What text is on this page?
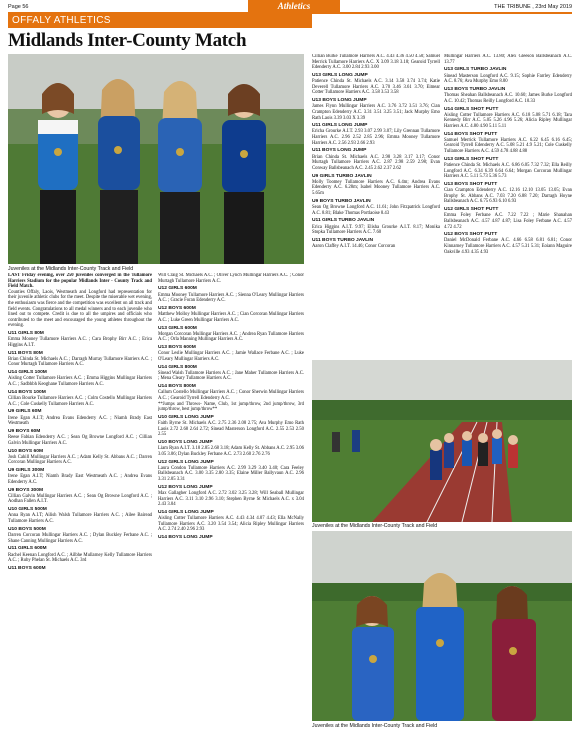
Page 56	THE TRIBUNE , 23rd May 2019
Athletics
OFFALY ATHLETICS
Midlands Inter-County Match
Juveniles at the Midlands Inter-County Track and Field

LAST Friday evening, over 250 juveniles converged in the Tullamore Harriers Stadium for the popular Midlands Inter - County Track and Field Match.

Counties Offaly, Laois, Westmeath and Longford had representation for their juvenile athletic clubs for the meet. Despite the miserable wet evening, the enthusiasm was fierce and the competition was excellent on all track and field events. Congratulations to all medal winners and to each juvenile who lined out to compete. Credit is due to all the umpires and officials who contributed to the meet and encouraged the young athletes throughout the evening.

U11 GIRLS 80M

Emma Mooney Tullamore Harriers A.C. ; Cara Brophy Birr A.C. ; Erica Higgins A.I.T.

U11 BOYS 80M

Brian Chinda St. Michaels A.C. ; Darragh Murray Tullamore Harriers A.C. ; Conor Murtagh Tullamore Harriers A.C.

U14 GIRLS 100M

Aisling Cotter Tullamore Harriers A.C. ; Emma Higgins Mullingar Harriers A.C. ; Sadbhbh Keoghane Tullamore Harriers A.C.

U14 BOYS 100M

Cillian Bourke Tullamore Harriers A.C. ; Colm Costello Mullingar Harriers A.C. ; Cole Cuskelly Tullamore Harriers A.C.

U9 GIRLS 60M

Irene Egan A.I.T; Andrea Evans Edenderry A.C. ; Niamh Brady East Westmeath

U9 BOYS 60M

Reese Fabian Edenderry A.C. ; Sean Og Browne Longford A.C. ; Cillian Galvin Mullingar Harriers A.C.

U10 BOYS 60M

Josh Cahill Mullingar Harriers A.C. ; Adam Kelly St. Abbans A.C. ; Darren Corcoran Mullingar Harriers A.C.

U9 GIRLS 300M

Irene Egan A.I.T; Niamh Brady East Westmeath A.C. ; Andrea Evans Edenderry A.C.

U9 BOYS 300M

Cillian Galvin Mullingar Harriers A.C. ; Sean Og Browne Longford A.C. ; Aodhan Fallen A.I.T.

U10 GIRLS 500M

Anna Ryan A.I.T; Ailish Walsh Tullamore Harriers A.C. ; Ailee Bairead Tullamore Harriers A.C.

U10 BOYS 500M

Darren Corcoran Mullingar Harriers A.C. ; Dylan Buckley Ferbane A.C. ; Shane Canning Mullingar Harriers A.C.

U11 GIRLS 600M

Rachel Keenan Longford A.C. ; Ailbhe Mullarney Kelly Tullamore Harriers A.C. ; Ruby Phelan St. Michaels A.C. 3rd

U11 BOYS 600M

Will Craig St. Michaels A.C. ; Oliver Lynch Mullingar Harriers A.C. ; Conor Murtagh Tullamore Harriers A.C.

U12 GIRLS 600M

Emma Mooney Tullamore Harriers A.C. ; Sienna O'Leary Mullingar Harriers A.C. ; Gracie Foran Edenderry A.C.

U12 BOYS 600M

Matthew Molloy Mullingar Harriers A.C. ; Cian Corcoran Mullingar Harriers A.C. ; Luke Green Mullingar Harriers A.C.

U13 GIRLS 600M

Morgan Corcoran Mullingar Harriers A.C. ; Andrea Ryan Tullamore Harriers A.C. ; Orla Manning Mullingar Harriers A.C.

U13 BOYS 600M

Conor Leslie Mullingar Harriers A.C. ; Jamie Wallace Ferbane A.C. ; Luke O'Leary Mullingar Harriers A.C.

U14 GIRLS 800M

Sinead Walsh Tullamore Harriers A.C. ; Jane Maher Tullamore Harriers A.C. ; Mena Cleary Tullamore Harriers A.C.

U14 BOYS 800M

Callum Costello Mullingar Harriers A.C. ; Conor Sherwin Mullingar Harriers A.C. ; Gearoid Tyrrell Edenderry A.C.

**Jumps and Throws- Name, Club, 1st jump/throw, 2nd jump/throw, 3rd jump/throw, best jump/throw**

U10 GIRLS LONG JUMP

Faith Byrne St. Michaels A.C. 2.75 2.36 2.08 2.75; Ava Murphy Emo Rath Laois 2.72 2.68 2.64 2.72; Sinead Masterson Longford A.C. 2.55 2.53 2.50 2.55

U10 BOYS LONG JUMP

Liam Ryan A.I.T. 3.18 2.85 2.68 3.18; Adam Kelly St. Abbans A.C. 2.95 3.06 3.05 3.06; Dylan Buckley Ferbane A.C. 2.73 2.60 2.76 2.76

U12 GIRLS LONG JUMP

Laura Condon Tullamore Harriers A.C. 2.99 3.29 3.40 3.40; Cara Feeley Ballsbeanach A.C. 3.00 3.35 2.80 3.35; Elaine Miller Ballyvaun A.C. 2.96 3.31 2.05 3.31

U12 BOYS LONG JUMP

Max Gallagher Longford A.C. 2.72 3.02 3.25 3.28; Will Seaball Mullingar Harriers A.C. 3.11 3.10 2.96 3.10; Stephen Byrne St Michaels A.C. x 3.04 2.43 3.04

U14 GIRLS LONG JUMP

Aisling Cotter Tullamore Harriers A.C. 4.43 4.34 4.07 4.43; Ella McNally Tullamore Harriers A.C. 3.20 3.54 3.54; Alicia Ripley Mullingar Harriers A.C. 2.74 2.40 2.96 2.93

U14 BOYS LONG JUMP

Cillian Burke Tullamore Harriers A.C. 4.43 4.36 4.50 4.50; Samuel Merrick Tullamore Harriers A.C. X 3.09 3.18 3.18; Gearoid Tyrrell Edenderry A.C. 3.00 2.84 2.93 3.00

U13 GIRLS LONG JUMP

Patience Chinda St. Michaels A.C. 3.14 3.58 3.74 3.74; Katie Deverell Tullamore Harriers A.C. 3.70 3.46 3.61 3.70; Eimear Cotter Tullamore Harriers A.C. 3.58 3.53 3.58

U13 BOYS LONG JUMP

James Flynn Mullingar Harriers A.C. 3.76 3.72 3.51 3.76; Cian Crampton Edenderry A.C. 3.31 3.51 3.25 3.51; Jack Murphy Emo Rath Laois 3.39 3.03 X 3.39

U11 GIRLS LONG JUMP

Ericha Grourke A.I.T. 2.93 3.07 2.99 3.07; Lily Grennan Tullamore Harriers A.C. 2.96 2.52 2.85 2.96; Emma Mooney Tullamore Harriers A.C. 2.56 2.93 2.66 2.93

U11 BOYS LONG JUMP

Brian Chinda St. Michaels A.C. 2.98 3.28 3.17 3.17; Conor Murtagh Tullamore Harriers A.C. 2.87 2.98 2.59 2.98; Evan Conway Ballsbeanach A.C. 2.45 2.62 2.37 2.62

U9 GIRLS TURBO JAVLIN

Molly Toomey Tullamore Harriers A.C. 6.4m; Andrea Evans Edenderry A.C. 6.28m; Isabel Mooney Tullamore Harriers A.C. 5.65m

U9 BOYS TURBO JAVLIN

Sean Og Browne Longford A.C. 11.61; John Fitzpatrick Longford A.C. 8.81; Blake Thomas Portlaoise 8.43

U11 GIRLS TURBO JAVLIN

Erica Higgins A.I.T. 9.97; Elisha Grourke A.I.T. 8.17; Monika Stopka Tullamore Harriers A.C. 7.60

U11 BOYS TURBO JAVLIN

Aaron Claffey A.I.T. 14.46; Conor Corcoran

Mullingar Harriers A.C. 13.80; Alex Gleeson Ballsbeanach A.C. 13.77

U13 GIRLS TURBO JAVLIN

Sinead Masterson Longford A.C. 9.15; Sophie Farrley Edenderry A.C. 8.76; Ava Murphy Emo 8.00

U13 BOYS TURBO JAVLIN

Thomas Sheahan Ballsbeanach A.C. 10.60; James Burke Longford A.C. 10.42; Thomas Reilly Longford A.C. 10.33

U14 GIRLS SHOT PUTT

Aisling Cotter Tullamore Harriers A.C. 6.18 5.08 5.71 6.18; Tara Kennedy Birr A.C. 5.05 5.26 4.96 5.26; Alicia Ripley Mullingar Harriers A.C. 4.80 4.90 5.11 5.11

U14 BOYS SHOT PUTT

Samuel Merrick Tullamore Harriers A.C. 6.22 6.45 6.16 6.45; Gearoid Tyrrell Edenderry A.C. 5.08 5.21 4.9 5.21; Cole Cuskelly Tullamore Harriers A.C. 4.59 4.78 4.88 4.88

U13 GIRLS SHOT PUTT

Patience Chinda St. Michaels A.C. 6.86 6.05 7.32 7.32; Ella Reilly Longford A.C. 6.34 6.39 6.64 6.64; Morgan Corcoran Mullingar Harriers A.C. 5.11 5.73 5.36 5.73

U13 BOYS SHOT PUTT

Cian Crampton Edenderry A.C. 12.16 12.10 13.05 13.05; Evan Brophy St. Abbans A.C. 7.03 7.20 6.88 7.20; Darragh Hoyne Ballsbeanach A.C. 6.75 6.93 6.10 6.93

U12 GIRLS SHOT PUTT

Emma Foley Ferbane A.C. 7.22 7.22 ; Marie Shanahan Ballsbeanach A.C. 4.57 4.87 4.87; Lisa Foley Ferbane A.C. 4.57 4.72 4.72

U12 BOYS SHOT PUTT

Daniel McDonald Ferbane A.C. 4.66 6.58 6.81 6.81; Conor Kinnarney Tullamore Harriers A.C. 4.57 5.31 5.31; Eoiann Maguire Oakville 4.93 4.35 4.93

Juveniles at the Midlands Inter-County Track and Field
Juveniles at the Midlands Inter-County Track and Field
